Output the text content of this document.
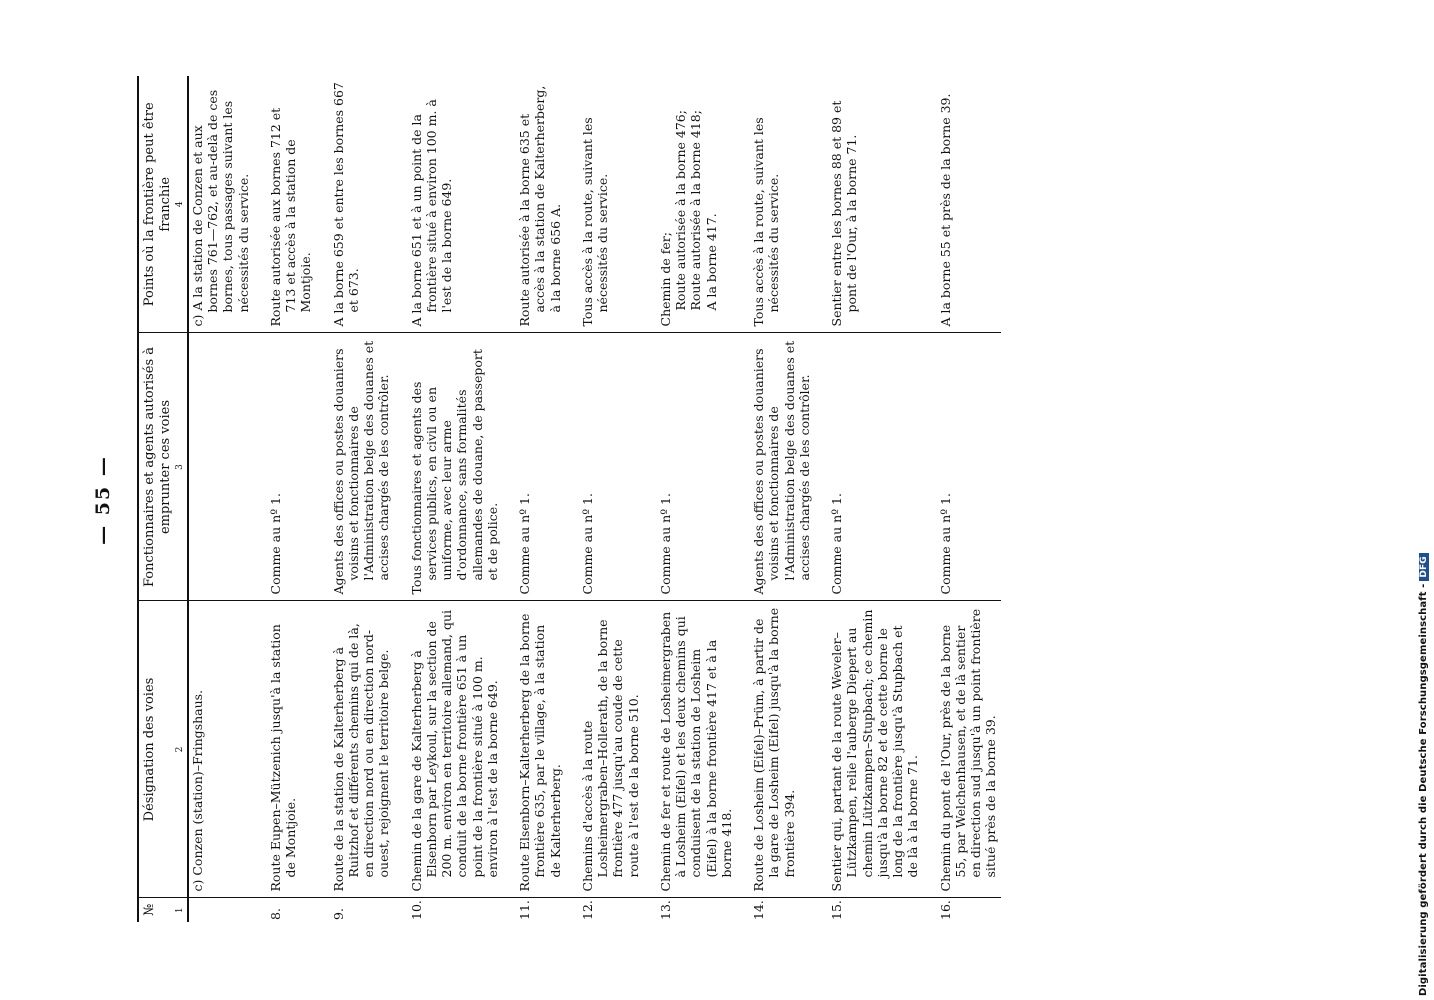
— 55 —
№	Désignation des voies	Fonctionnaires et agents autorisés à emprunter ces voies	Points où la frontière peut être franchie
1	2	3	4

	c) Conzen (station)–Fringshaus.		c) A la station de Conzen et aux bornes 761—762, et au-delà de ces bornes, tous passages suivant les nécessités du service.

8.	Route Eupen–Mützenich jusqu'à la station de Montjoie.	Comme au nº 1.	Route autorisée aux bornes 712 et 713 et accès à la station de Montjoie.

9.	Route de la station de Kalterherberg à Ruitzhof et différents chemins qui de là, en direction nord ou en direction nord-ouest, rejoignent le territoire belge.	Agents des offices ou postes douaniers voisins et fonctionnaires de l'Administration belge des douanes et accises chargés de les contrôler.	A la borne 659 et entre les bornes 667 et 673.

10.	Chemin de la gare de Kalterherberg à Elsenborn par Leykoul, sur la section de 200 m. environ en territoire allemand, qui conduit de la borne frontière 651 à un point de la frontière situé à 100 m. environ à l'est de la borne 649.	Tous fonctionnaires et agents des services publics, en civil ou en uniforme, avec leur arme d'ordonnance, sans formalités allemandes de douane, de passeport et de police.	A la borne 651 et à un point de la frontière situé à environ 100 m. à l'est de la borne 649.

11.	Route Elsenborn–Kalterherberg de la borne frontière 635, par le village, à la station de Kalterherberg.	Comme au nº 1.	Route autorisée à la borne 635 et accès à la station de Kalterherberg, à la borne 656 A.

12.	Chemins d'accès à la route Losheimergraben–Hollerath, de la borne frontière 477 jusqu'au coude de cette route à l'est de la borne 510.	Comme au nº 1.	Tous accès à la route, suivant les nécessités du service.

13.	Chemin de fer et route de Losheimergraben à Losheim (Eifel) et les deux chemins qui conduisent de la station de Losheim (Eifel) à la borne frontière 417 et à la borne 418.	Comme au nº 1.	Chemin de fer; Route autorisée à la borne 476; Route autorisée à la borne 418; A la borne 417.

14.	Route de Losheim (Eifel)–Prüm, à partir de la gare de Losheim (Eifel) jusqu'à la borne frontière 394.	Agents des offices ou postes douaniers voisins et fonctionnaires de l'Administration belge des douanes et accises chargés de les contrôler.	Tous accès à la route, suivant les nécessités du service.

15.	Sentier qui, partant de la route Weveler–Lützkampen, relie l'auberge Diepert au chemin Lützkampen–Stupbach; ce chemin jusqu'à la borne 82 et de cette borne le long de la frontière jusqu'à Stupbach et de là à la borne 71.	Comme au nº 1.	Sentier entre les bornes 88 et 89 et pont de l'Our, à la borne 71.

16.	Chemin du pont de l'Our, près de la borne 55, par Welchenhausen, et de là sentier en direction sud jusqu'à un point frontière situé près de la borne 39.	Comme au nº 1.	A la borne 55 et près de la borne 39.
Digitalisierung gefördert durch die Deutsche Forschungsgemeinschaft -DFG
